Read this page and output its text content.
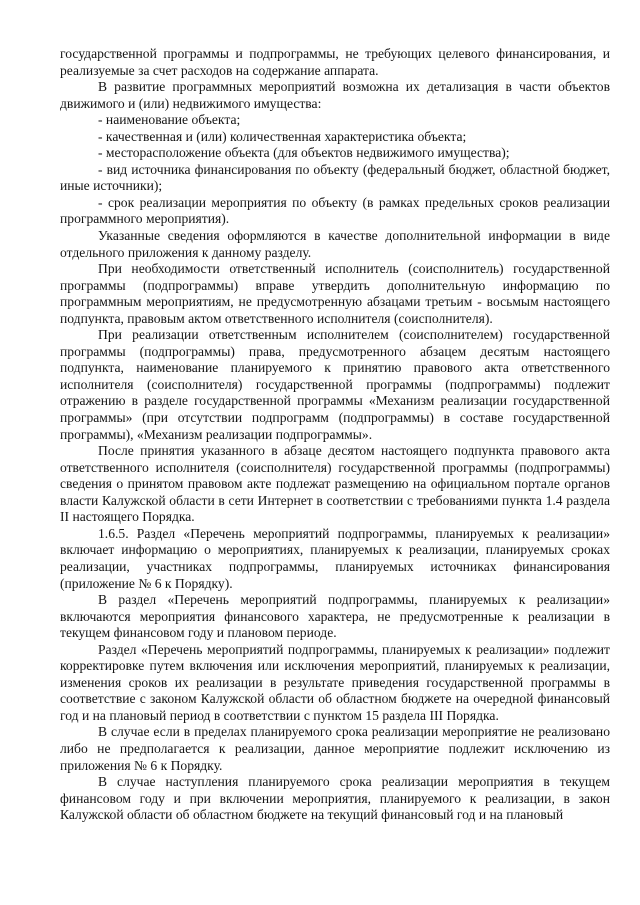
государственной программы и подпрограммы, не требующих целевого финансирования, и реализуемые за счет расходов на содержание аппарата.

В развитие программных мероприятий возможна их детализация в части объектов движимого и (или) недвижимого имущества:

- наименование объекта;

- качественная и (или) количественная характеристика объекта;

- месторасположение объекта (для объектов недвижимого имущества);

- вид источника финансирования по объекту (федеральный бюджет, областной бюджет, иные источники);

- срок реализации мероприятия по объекту (в рамках предельных сроков реализации программного мероприятия).

Указанные сведения оформляются в качестве дополнительной информации в виде отдельного приложения к данному разделу.

При необходимости ответственный исполнитель (соисполнитель) государственной программы (подпрограммы) вправе утвердить дополнительную информацию по программным мероприятиям, не предусмотренную абзацами третьим - восьмым настоящего подпункта, правовым актом ответственного исполнителя (соисполнителя).

При реализации ответственным исполнителем (соисполнителем) государственной программы (подпрограммы) права, предусмотренного абзацем десятым настоящего подпункта, наименование планируемого к принятию правового акта ответственного исполнителя (соисполнителя) государственной программы (подпрограммы) подлежит отражению в разделе государственной программы «Механизм реализации государственной программы» (при отсутствии подпрограмм (подпрограммы) в составе государственной программы), «Механизм реализации подпрограммы».

После принятия указанного в абзаце десятом настоящего подпункта правового акта ответственного исполнителя (соисполнителя) государственной программы (подпрограммы) сведения о принятом правовом акте подлежат размещению на официальном портале органов власти Калужской области в сети Интернет в соответствии с требованиями пункта 1.4 раздела II настоящего Порядка.

1.6.5. Раздел «Перечень мероприятий подпрограммы, планируемых к реализации» включает информацию о мероприятиях, планируемых к реализации, планируемых сроках реализации, участниках подпрограммы, планируемых источниках финансирования (приложение № 6 к Порядку).

В раздел «Перечень мероприятий подпрограммы, планируемых к реализации» включаются мероприятия финансового характера, не предусмотренные к реализации в текущем финансовом году и плановом периоде.

Раздел «Перечень мероприятий подпрограммы, планируемых к реализации» подлежит корректировке путем включения или исключения мероприятий, планируемых к реализации, изменения сроков их реализации в результате приведения государственной программы в соответствие с законом Калужской области об областном бюджете на очередной финансовый год и на плановый период в соответствии с пунктом 15 раздела III Порядка.

В случае если в пределах планируемого срока реализации мероприятие не реализовано либо не предполагается к реализации, данное мероприятие подлежит исключению из приложения № 6 к Порядку.

В случае наступления планируемого срока реализации мероприятия в текущем финансовом году и при включении мероприятия, планируемого к реализации, в закон Калужской области об областном бюджете на текущий финансовый год и на плановый
